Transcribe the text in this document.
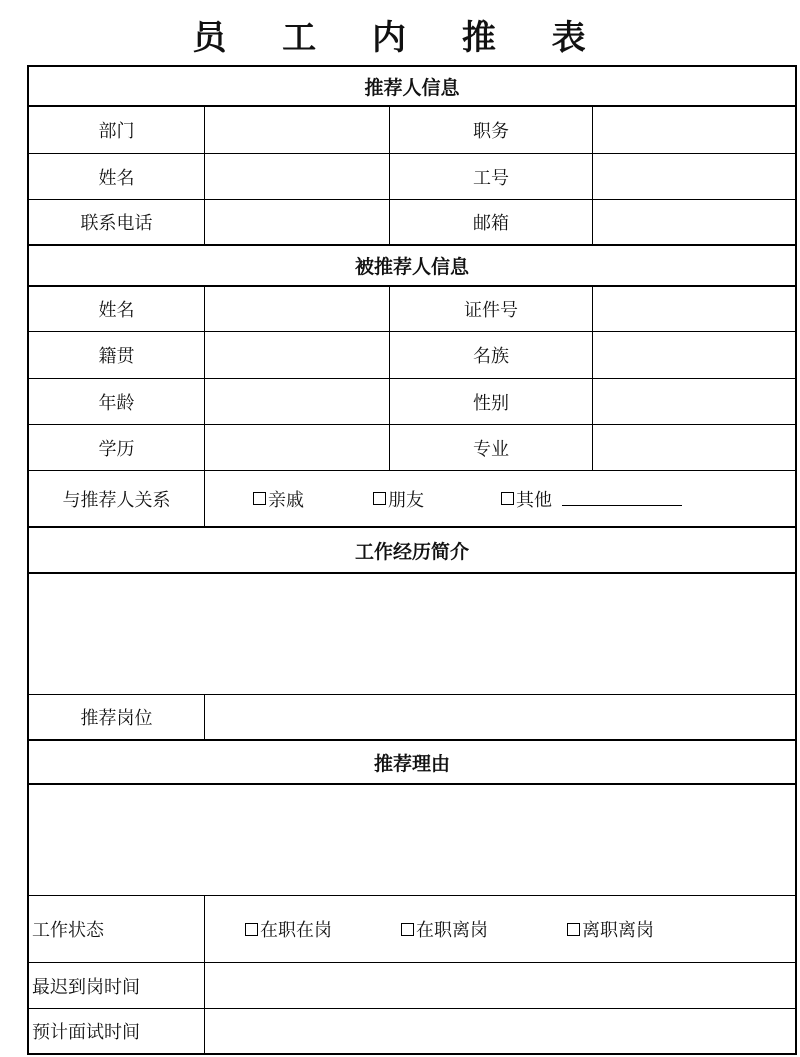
员 工 内 推 表
推荐人信息
部门	职务
姓名	工号
联系电话	邮箱
被推荐人信息
姓名	证件号
籍贯	名族
年龄	性别
学历	专业
与推荐人关系	亲戚	朋友	其他
工作经历简介
推荐岗位
推荐理由
工作状态	在职在岗	在职离岗	离职离岗
最迟到岗时间
预计面试时间
